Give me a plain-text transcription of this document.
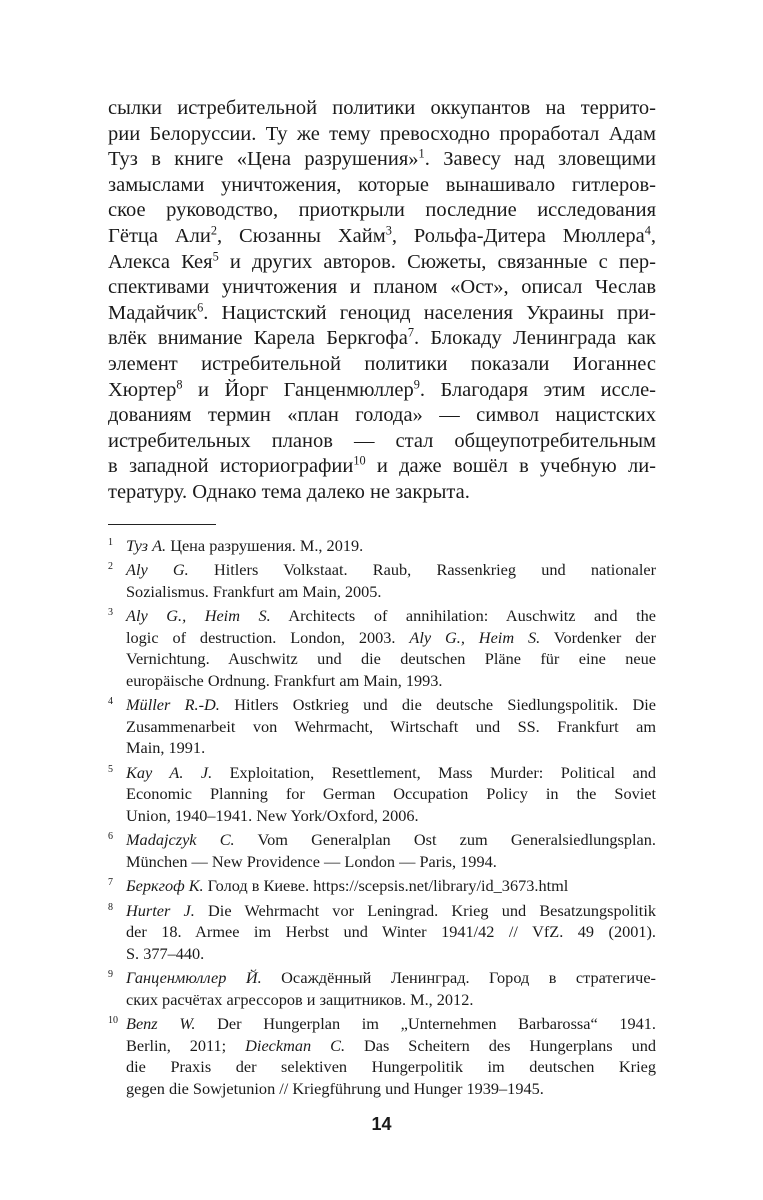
сылки истребительной политики оккупантов на террито-
рии Белоруссии. Ту же тему превосходно проработал Адам
Туз в книге «Цена разрушения»$^1$. Завесу над зловещими
замыслами уничтожения, которые вынашивало гитлеров-
ское руководство, приоткрыли последние исследования
Гётца Али$^2$, Сюзанны Хайм$^3$, Рольфа-Дитера Мюллера$^4$,
Алекса Кея$^5$ и других авторов. Сюжеты, связанные с пер-
спективами уничтожения и планом «Ост», описал Чеслав
Мадайчик$^6$. Нацистский геноцид населения Украины при-
влёк внимание Карела Беркгофа$^7$. Блокаду Ленинграда как
элемент истребительной политики показали Иоганнес
Хюртер$^8$ и Йорг Ганценмюллер$^9$. Благодаря этим иссле-
дованиям термин «план голода» — символ нацистских
истребительных планов — стал общеупотребительным
в западной историографии$^{10}$ и даже вошёл в учебную ли-
тературу. Однако тема далеко не закрыта.
1 Туз А. Цена разрушения. М., 2019.
2 Aly G. Hitlers Volkstaat. Raub, Rassenkrieg und nationaler
Sozialismus. Frankfurt am Main, 2005.
3 Aly G., Heim S. Architects of annihilation: Auschwitz and the
logic of destruction. London, 2003. Aly G., Heim S. Vordenker der
Vernichtung. Auschwitz und die deutschen Pläne für eine neue
europäische Ordnung. Frankfurt am Main, 1993.
4 Müller R.-D. Hitlers Ostkrieg und die deutsche Siedlungspolitik. Die
Zusammenarbeit von Wehrmacht, Wirtschaft und SS. Frankfurt am
Main, 1991.
5 Kay A. J. Exploitation, Resettlement, Mass Murder: Political and
Economic Planning for German Occupation Policy in the Soviet
Union, 1940–1941. New York/Oxford, 2006.
6 Madajczyk C. Vom Generalplan Ost zum Generalsiedlungsplan.
München — New Providence — London — Paris, 1994.
7 Беркгоф К. Голод в Киеве. https://scepsis.net/library/id_3673.html
8 Hurter J. Die Wehrmacht vor Leningrad. Krieg und Besatzungspolitik
der 18. Armee im Herbst und Winter 1941/42 // VfZ. 49 (2001).
S. 377–440.
9 Ганценмюллер Й. Осаждённый Ленинград. Город в стратегиче-
ских расчётах агрессоров и защитников. М., 2012.
10 Benz W. Der Hungerplan im „Unternehmen Barbarossa“ 1941.
Berlin, 2011; Dieckman C. Das Scheitern des Hungerplans und
die Praxis der selektiven Hungerpolitik im deutschen Krieg
gegen die Sowjetunion // Kriegführung und Hunger 1939–1945.
14
